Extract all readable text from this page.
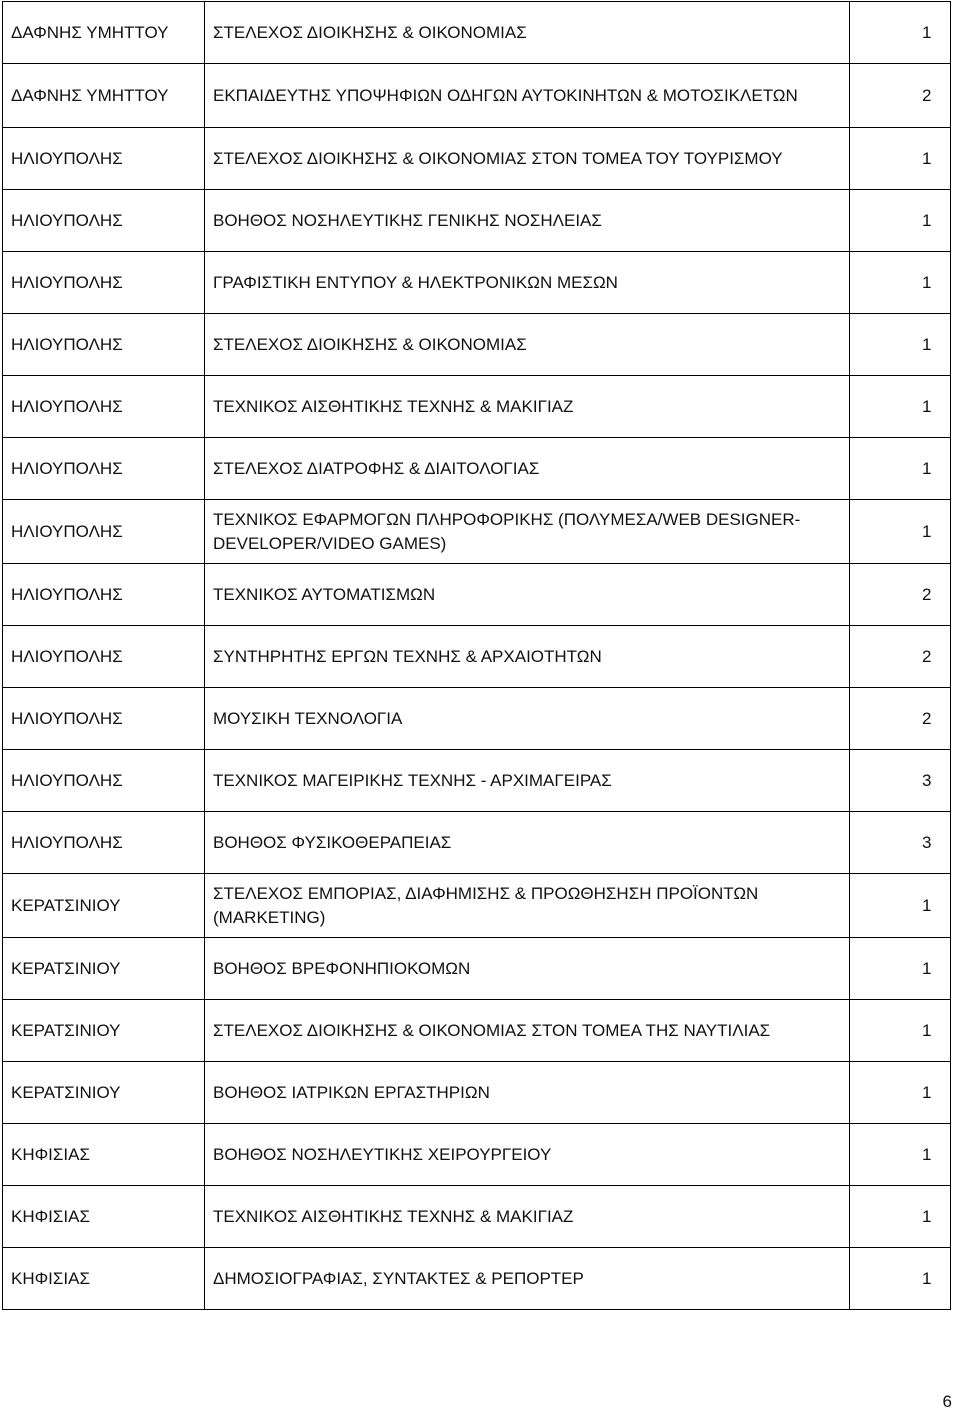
ΔΑΦΝΗΣ ΥΜΗΤΤΟΥ	ΣΤΕΛΕΧΟΣ ΔΙΟΙΚΗΣΗΣ & ΟΙΚΟΝΟΜΙΑΣ	1
ΔΑΦΝΗΣ ΥΜΗΤΤΟΥ	ΕΚΠΑΙΔΕΥΤΗΣ ΥΠΟΨΗΦΙΩΝ ΟΔΗΓΩΝ ΑΥΤΟΚΙΝΗΤΩΝ & ΜΟΤΟΣΙΚΛΕΤΩΝ	2
ΗΛΙΟΥΠΟΛΗΣ	ΣΤΕΛΕΧΟΣ ΔΙΟΙΚΗΣΗΣ & ΟΙΚΟΝΟΜΙΑΣ ΣΤΟΝ ΤΟΜΕΑ ΤΟΥ ΤΟΥΡΙΣΜΟΥ	1
ΗΛΙΟΥΠΟΛΗΣ	ΒΟΗΘΟΣ ΝΟΣΗΛΕΥΤΙΚΗΣ ΓΕΝΙΚΗΣ ΝΟΣΗΛΕΙΑΣ	1
ΗΛΙΟΥΠΟΛΗΣ	ΓΡΑΦΙΣΤΙΚΗ ΕΝΤΥΠΟΥ & ΗΛΕΚΤΡΟΝΙΚΩΝ ΜΕΣΩΝ	1
ΗΛΙΟΥΠΟΛΗΣ	ΣΤΕΛΕΧΟΣ ΔΙΟΙΚΗΣΗΣ & ΟΙΚΟΝΟΜΙΑΣ	1
ΗΛΙΟΥΠΟΛΗΣ	ΤΕΧΝΙΚΟΣ ΑΙΣΘΗΤΙΚΗΣ ΤΕΧΝΗΣ & ΜΑΚΙΓΙΑΖ	1
ΗΛΙΟΥΠΟΛΗΣ	ΣΤΕΛΕΧΟΣ ΔΙΑΤΡΟΦΗΣ & ΔΙΑΙΤΟΛΟΓΙΑΣ	1
ΗΛΙΟΥΠΟΛΗΣ	ΤΕΧΝΙΚΟΣ ΕΦΑΡΜΟΓΩΝ ΠΛΗΡΟΦΟΡΙΚΗΣ (ΠΟΛΥΜΕΣΑ/WEB DESIGNER-DEVELOPER/VIDEO GAMES)	1
ΗΛΙΟΥΠΟΛΗΣ	ΤΕΧΝΙΚΟΣ ΑΥΤΟΜΑΤΙΣΜΩΝ	2
ΗΛΙΟΥΠΟΛΗΣ	ΣΥΝΤΗΡΗΤΗΣ ΕΡΓΩΝ ΤΕΧΝΗΣ & ΑΡΧΑΙΟΤΗΤΩΝ	2
ΗΛΙΟΥΠΟΛΗΣ	ΜΟΥΣΙΚΗ ΤΕΧΝΟΛΟΓΙΑ	2
ΗΛΙΟΥΠΟΛΗΣ	ΤΕΧΝΙΚΟΣ ΜΑΓΕΙΡΙΚΗΣ ΤΕΧΝΗΣ - ΑΡΧΙΜΑΓΕΙΡΑΣ	3
ΗΛΙΟΥΠΟΛΗΣ	ΒΟΗΘΟΣ ΦΥΣΙΚΟΘΕΡΑΠΕΙΑΣ	3
ΚΕΡΑΤΣΙΝΙΟΥ	ΣΤΕΛΕΧΟΣ ΕΜΠΟΡΙΑΣ, ΔΙΑΦΗΜΙΣΗΣ & ΠΡΟΩΘΗΣΗΣΗ ΠΡΟΪΟΝΤΩΝ (MARKETING)	1
ΚΕΡΑΤΣΙΝΙΟΥ	ΒΟΗΘΟΣ ΒΡΕΦΟΝΗΠΙΟΚΟΜΩΝ	1
ΚΕΡΑΤΣΙΝΙΟΥ	ΣΤΕΛΕΧΟΣ ΔΙΟΙΚΗΣΗΣ & ΟΙΚΟΝΟΜΙΑΣ ΣΤΟΝ ΤΟΜΕΑ ΤΗΣ ΝΑΥΤΙΛΙΑΣ	1
ΚΕΡΑΤΣΙΝΙΟΥ	ΒΟΗΘΟΣ ΙΑΤΡΙΚΩΝ ΕΡΓΑΣΤΗΡΙΩΝ	1
ΚΗΦΙΣΙΑΣ	ΒΟΗΘΟΣ ΝΟΣΗΛΕΥΤΙΚΗΣ ΧΕΙΡΟΥΡΓΕΙΟΥ	1
ΚΗΦΙΣΙΑΣ	ΤΕΧΝΙΚΟΣ ΑΙΣΘΗΤΙΚΗΣ ΤΕΧΝΗΣ & ΜΑΚΙΓΙΑΖ	1
ΚΗΦΙΣΙΑΣ	ΔΗΜΟΣΙΟΓΡΑΦΙΑΣ, ΣΥΝΤΑΚΤΕΣ & ΡΕΠΟΡΤΕΡ	1
6
